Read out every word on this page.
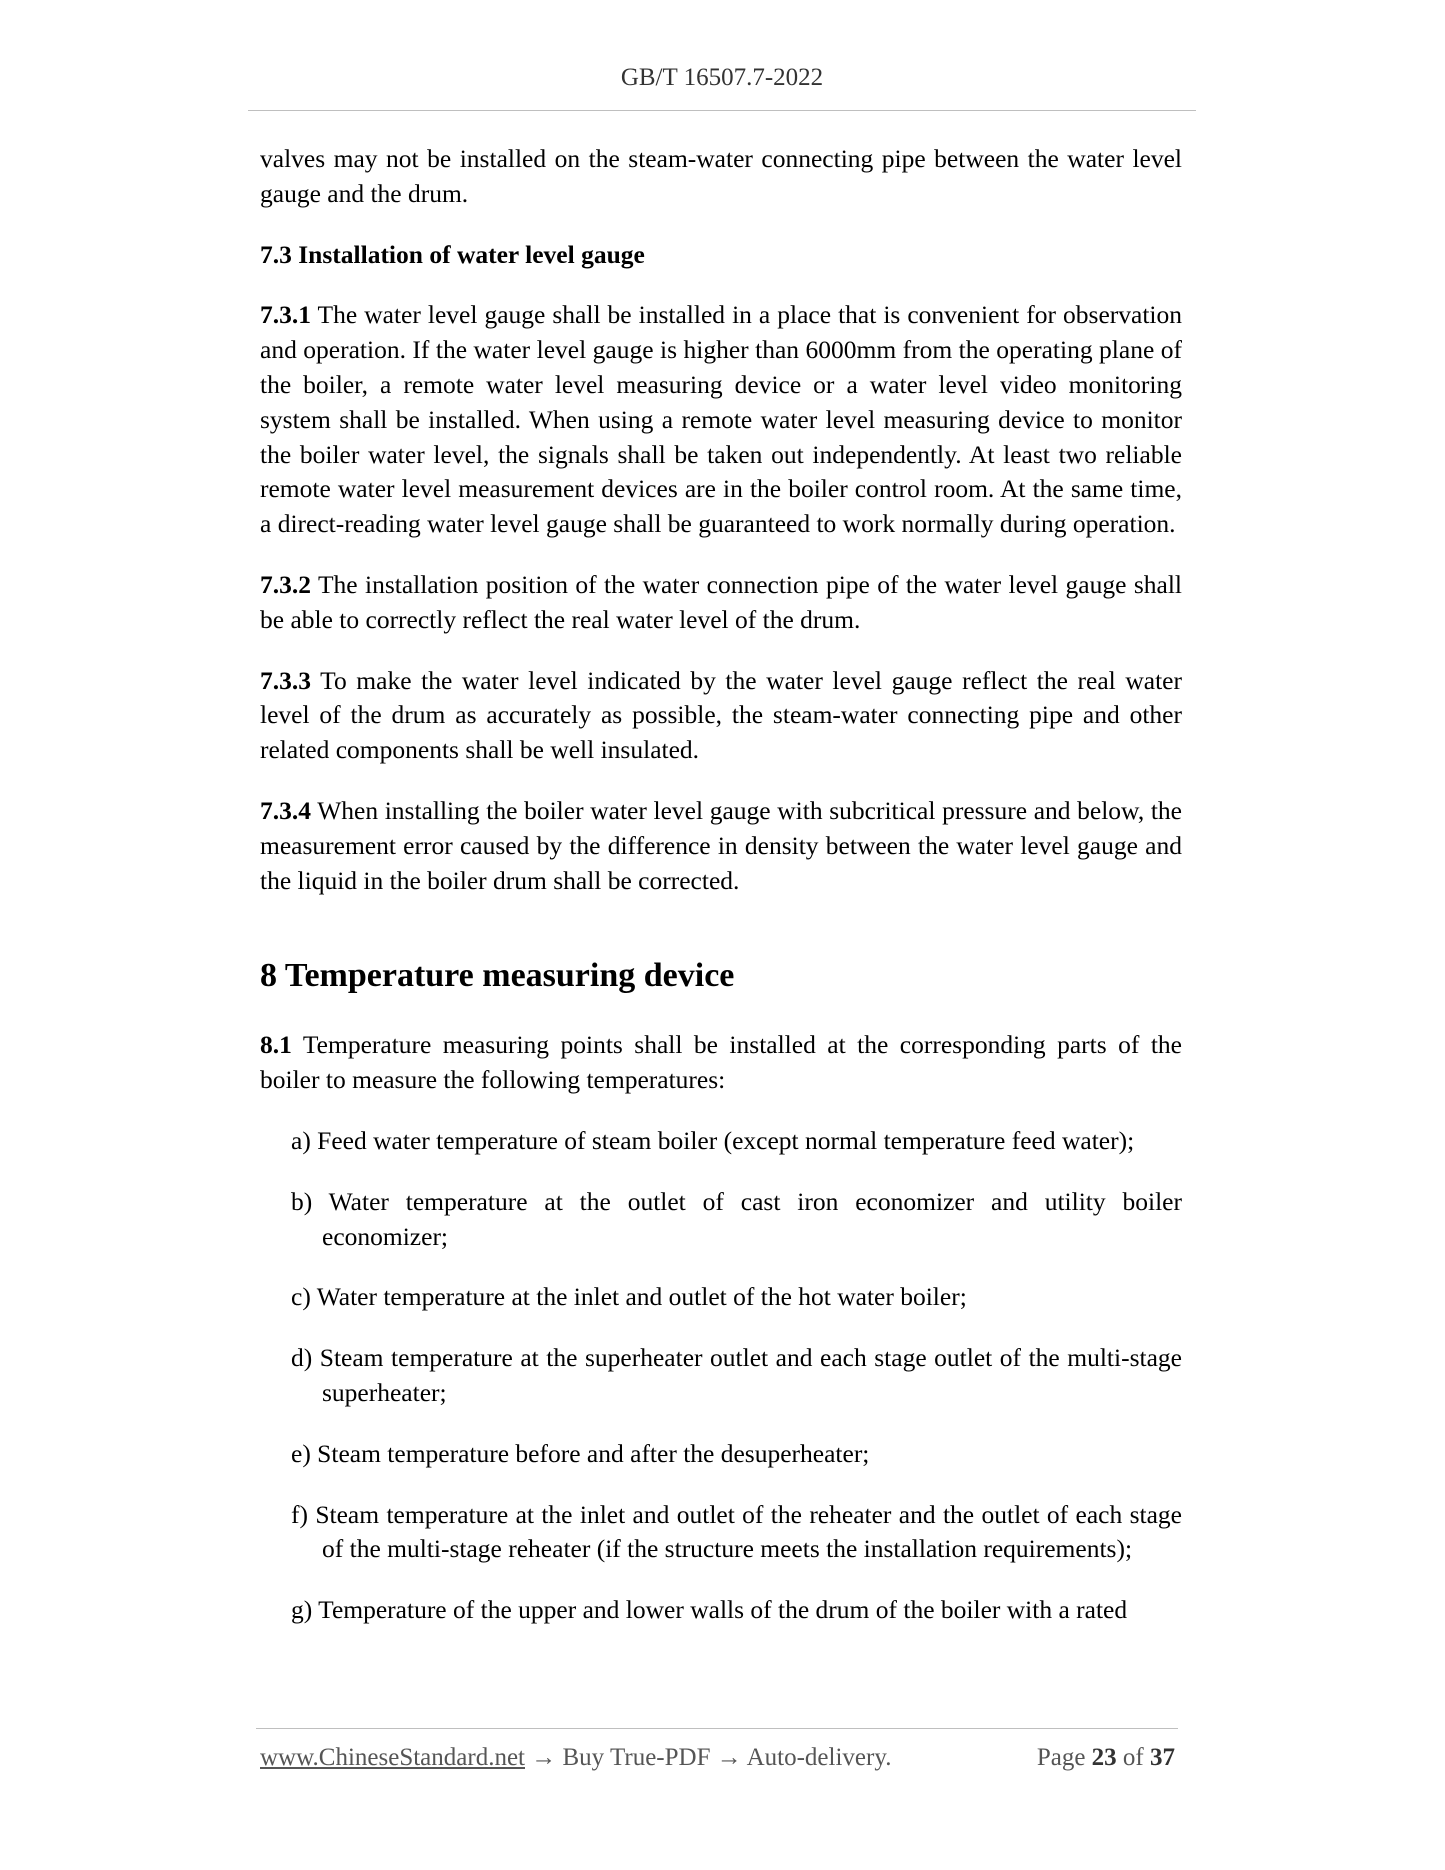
GB/T 16507.7-2022

valves may not be installed on the steam-water connecting pipe between the water level gauge and the drum.

7.3 Installation of water level gauge

7.3.1 The water level gauge shall be installed in a place that is convenient for observation and operation. If the water level gauge is higher than 6000mm from the operating plane of the boiler, a remote water level measuring device or a water level video monitoring system shall be installed. When using a remote water level measuring device to monitor the boiler water level, the signals shall be taken out independently. At least two reliable remote water level measurement devices are in the boiler control room. At the same time, a direct-reading water level gauge shall be guaranteed to work normally during operation.

7.3.2 The installation position of the water connection pipe of the water level gauge shall be able to correctly reflect the real water level of the drum.

7.3.3 To make the water level indicated by the water level gauge reflect the real water level of the drum as accurately as possible, the steam-water connecting pipe and other related components shall be well insulated.

7.3.4 When installing the boiler water level gauge with subcritical pressure and below, the measurement error caused by the difference in density between the water level gauge and the liquid in the boiler drum shall be corrected.

8 Temperature measuring device

8.1 Temperature measuring points shall be installed at the corresponding parts of the boiler to measure the following temperatures:

a) Feed water temperature of steam boiler (except normal temperature feed water);
b) Water temperature at the outlet of cast iron economizer and utility boiler economizer;
c) Water temperature at the inlet and outlet of the hot water boiler;
d) Steam temperature at the superheater outlet and each stage outlet of the multi-stage superheater;
e) Steam temperature before and after the desuperheater;
f) Steam temperature at the inlet and outlet of the reheater and the outlet of each stage of the multi-stage reheater (if the structure meets the installation requirements);
g) Temperature of the upper and lower walls of the drum of the boiler with a rated
www.ChineseStandard.net → Buy True-PDF → Auto-delivery.	Page 23 of 37
